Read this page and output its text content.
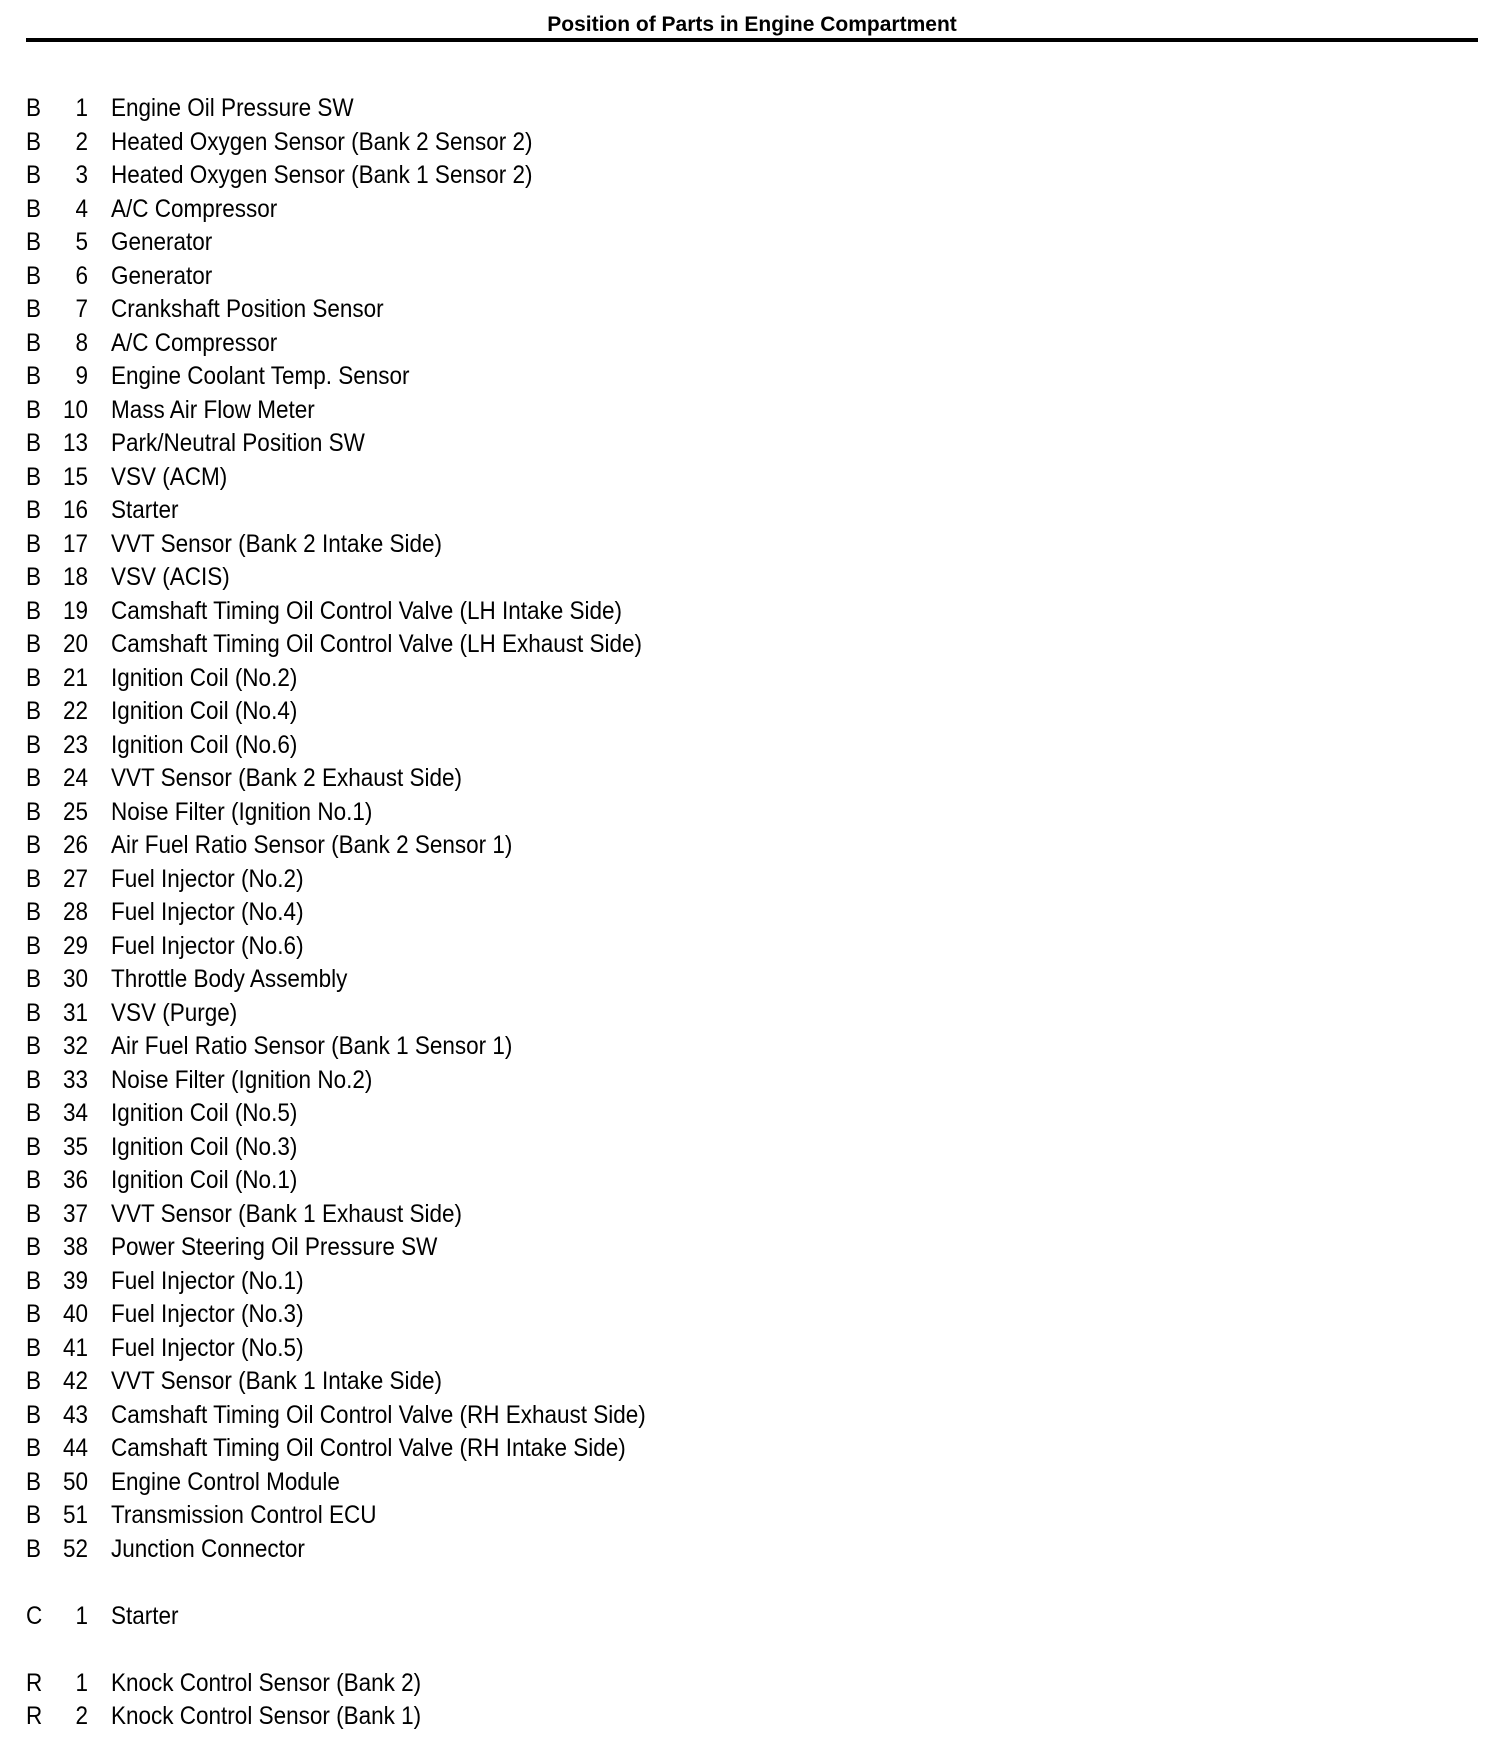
Position of Parts in Engine Compartment
B	1 Engine Oil Pressure SW
B	2 Heated Oxygen Sensor (Bank 2 Sensor 2)
B	3 Heated Oxygen Sensor (Bank 1 Sensor 2)
B	4 A/C Compressor
B	5 Generator
B	6 Generator
B	7 Crankshaft Position Sensor
B	8 A/C Compressor
B	9 Engine Coolant Temp. Sensor
B 10 Mass Air Flow Meter
B 13 Park/Neutral Position SW
B 15 VSV (ACM)
B 16 Starter
B 17 VVT Sensor (Bank 2 Intake Side)
B 18 VSV (ACIS)
B 19 Camshaft Timing Oil Control Valve (LH Intake Side)
B 20 Camshaft Timing Oil Control Valve (LH Exhaust Side)
B 21 Ignition Coil (No.2)
B 22 Ignition Coil (No.4)
B 23 Ignition Coil (No.6)
B 24 VVT Sensor (Bank 2 Exhaust Side)
B 25 Noise Filter (Ignition No.1)
B 26 Air Fuel Ratio Sensor (Bank 2 Sensor 1)
B 27 Fuel Injector (No.2)
B 28 Fuel Injector (No.4)
B 29 Fuel Injector (No.6)
B 30 Throttle Body Assembly
B 31 VSV (Purge)
B 32 Air Fuel Ratio Sensor (Bank 1 Sensor 1)
B 33 Noise Filter (Ignition No.2)
B 34 Ignition Coil (No.5)
B 35 Ignition Coil (No.3)
B 36 Ignition Coil (No.1)
B 37 VVT Sensor (Bank 1 Exhaust Side)
B 38 Power Steering Oil Pressure SW
B 39 Fuel Injector (No.1)
B 40 Fuel Injector (No.3)
B 41 Fuel Injector (No.5)
B 42 VVT Sensor (Bank 1 Intake Side)
B 43 Camshaft Timing Oil Control Valve (RH Exhaust Side)
B 44 Camshaft Timing Oil Control Valve (RH Intake Side)
B 50 Engine Control Module
B 51 Transmission Control ECU
B 52 Junction Connector
C	1 Starter
R	1 Knock Control Sensor (Bank 2)
R	2 Knock Control Sensor (Bank 1)
